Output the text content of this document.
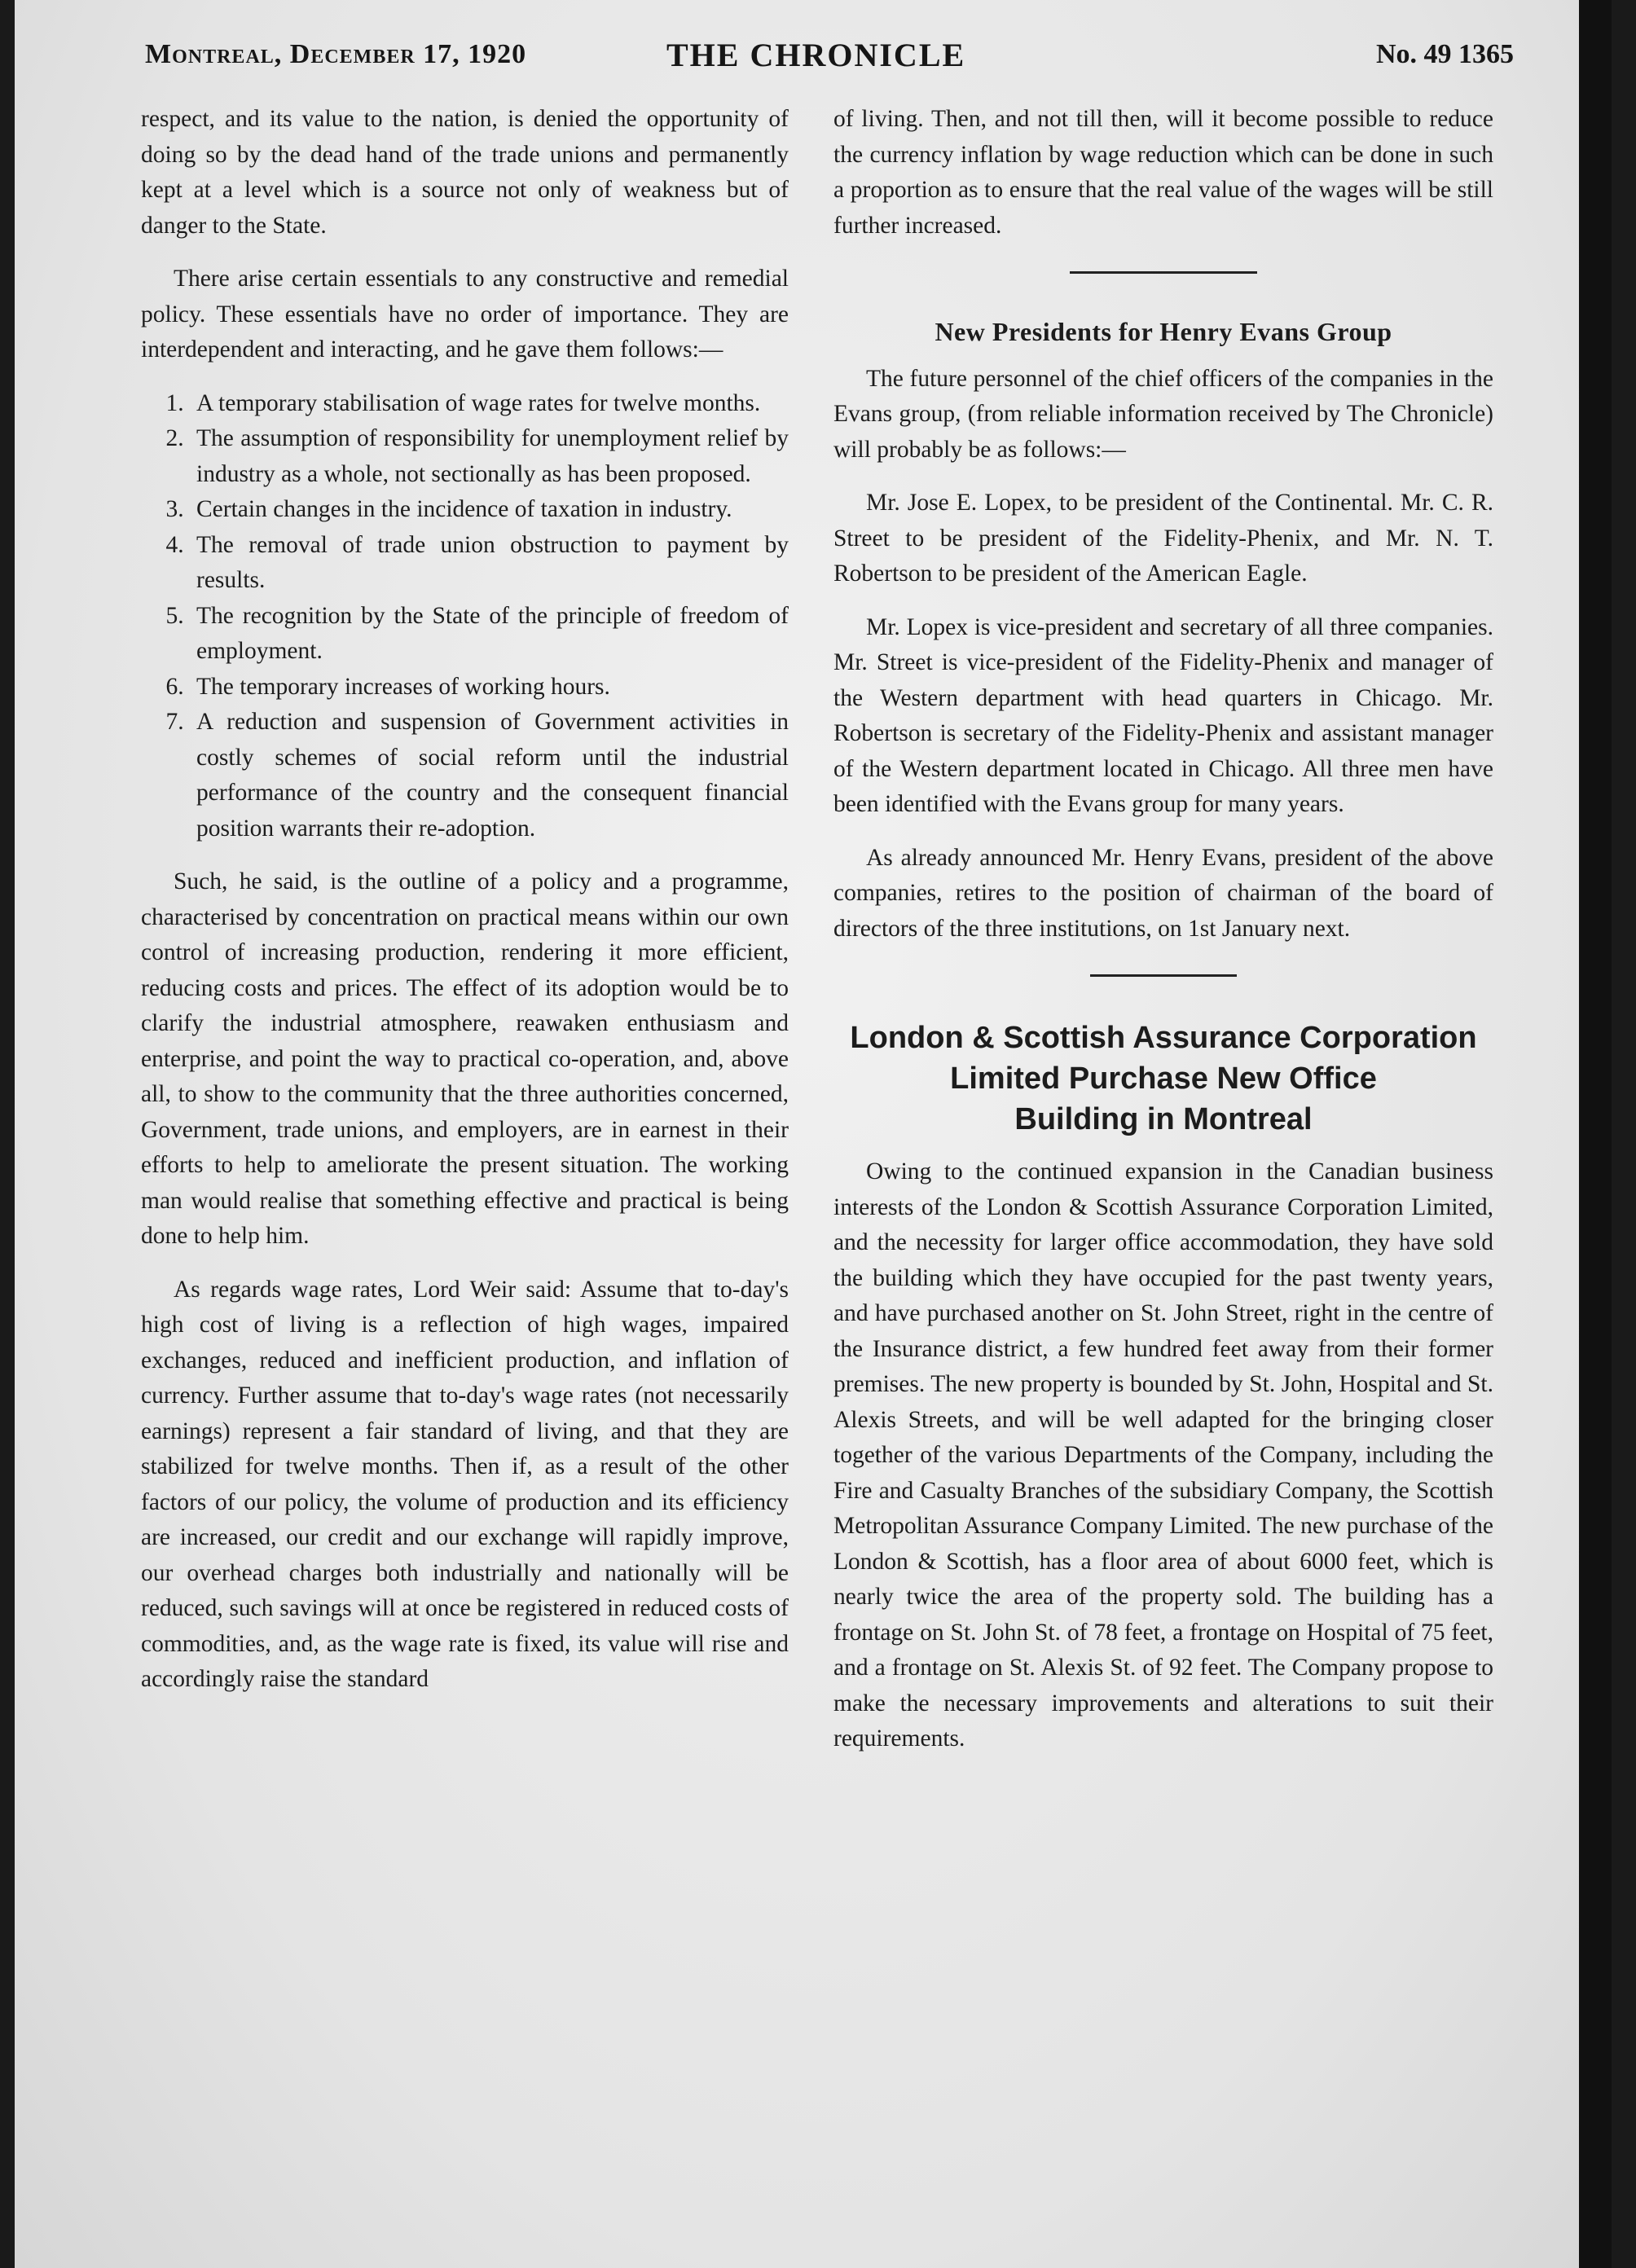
Montreal, December 17, 1920	THE CHRONICLE	No. 49 1365

respect, and its value to the nation, is denied the opportunity of doing so by the dead hand of the trade unions and permanently kept at a level which is a source not only of weakness but of danger to the State.

There arise certain essentials to any constructive and remedial policy. These essentials have no order of importance. They are interdependent and interacting, and he gave them follows:—

1. A temporary stabilisation of wage rates for twelve months.
2. The assumption of responsibility for unemployment relief by industry as a whole, not sectionally as has been proposed.
3. Certain changes in the incidence of taxation in industry.
4. The removal of trade union obstruction to payment by results.
5. The recognition by the State of the principle of freedom of employment.
6. The temporary increases of working hours.
7. A reduction and suspension of Government activities in costly schemes of social reform until the industrial performance of the country and the consequent financial position warrants their re-adoption.

Such, he said, is the outline of a policy and a programme, characterised by concentration on practical means within our own control of increasing production, rendering it more efficient, reducing costs and prices. The effect of its adoption would be to clarify the industrial atmosphere, reawaken enthusiasm and enterprise, and point the way to practical co-operation, and, above all, to show to the community that the three authorities concerned, Government, trade unions, and employers, are in earnest in their efforts to help to ameliorate the present situation. The working man would realise that something effective and practical is being done to help him.

As regards wage rates, Lord Weir said: Assume that to-day's high cost of living is a reflection of high wages, impaired exchanges, reduced and inefficient production, and inflation of currency. Further assume that to-day's wage rates (not necessarily earnings) represent a fair standard of living, and that they are stabilized for twelve months. Then if, as a result of the other factors of our policy, the volume of production and its efficiency are increased, our credit and our exchange will rapidly improve, our overhead charges both industrially and nationally will be reduced, such savings will at once be registered in reduced costs of commodities, and, as the wage rate is fixed, its value will rise and accordingly raise the standard

of living. Then, and not till then, will it become possible to reduce the currency inflation by wage reduction which can be done in such a proportion as to ensure that the real value of the wages will be still further increased.

New Presidents for Henry Evans Group

The future personnel of the chief officers of the companies in the Evans group, (from reliable information received by The Chronicle) will probably be as follows:—

Mr. Jose E. Lopex, to be president of the Continental. Mr. C. R. Street to be president of the Fidelity-Phenix, and Mr. N. T. Robertson to be president of the American Eagle.

Mr. Lopex is vice-president and secretary of all three companies. Mr. Street is vice-president of the Fidelity-Phenix and manager of the Western department with head quarters in Chicago. Mr. Robertson is secretary of the Fidelity-Phenix and assistant manager of the Western department located in Chicago. All three men have been identified with the Evans group for many years.

As already announced Mr. Henry Evans, president of the above companies, retires to the position of chairman of the board of directors of the three institutions, on 1st January next.

London & Scottish Assurance Corporation
Limited Purchase New Office
Building in Montreal

Owing to the continued expansion in the Canadian business interests of the London & Scottish Assurance Corporation Limited, and the necessity for larger office accommodation, they have sold the building which they have occupied for the past twenty years, and have purchased another on St. John Street, right in the centre of the Insurance district, a few hundred feet away from their former premises. The new property is bounded by St. John, Hospital and St. Alexis Streets, and will be well adapted for the bringing closer together of the various Departments of the Company, including the Fire and Casualty Branches of the subsidiary Company, the Scottish Metropolitan Assurance Company Limited. The new purchase of the London & Scottish, has a floor area of about 6000 feet, which is nearly twice the area of the property sold. The building has a frontage on St. John St. of 78 feet, a frontage on Hospital of 75 feet, and a frontage on St. Alexis St. of 92 feet. The Company propose to make the necessary improvements and alterations to suit their requirements.
